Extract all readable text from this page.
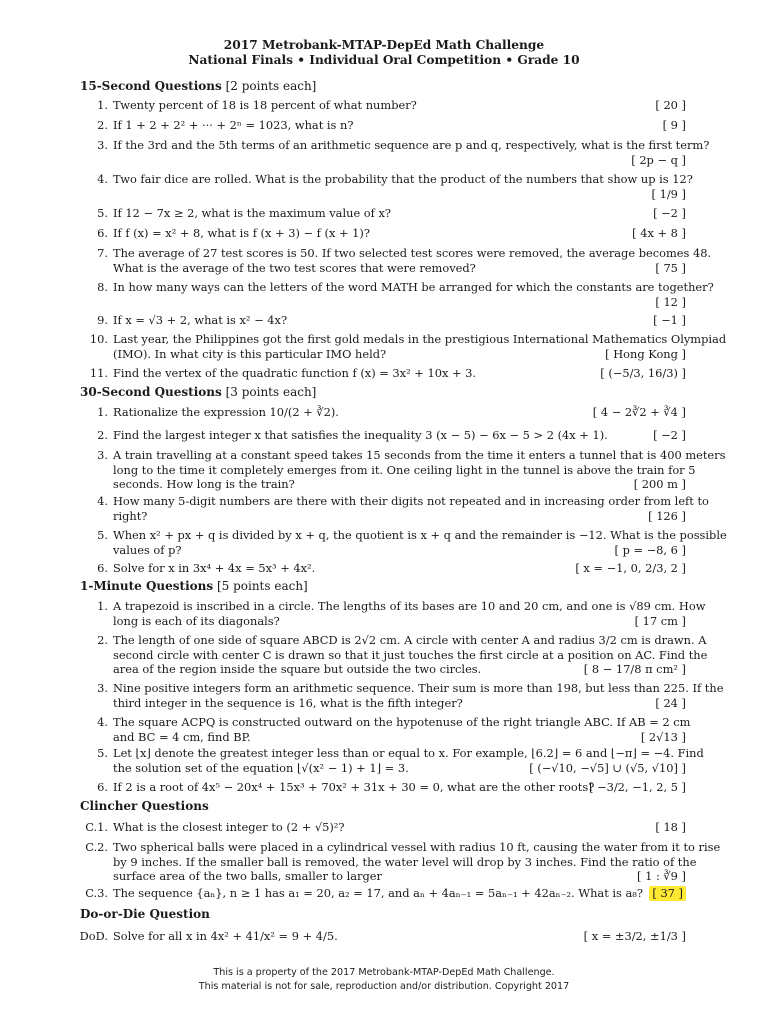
2017 Metrobank-MTAP-DepEd Math Challenge
National Finals • Individual Oral Competition • Grade 10
15-Second Questions [2 points each]
1. Twenty percent of 18 is 18 percent of what number?	[ 20 ]
2. If 1 + 2 + 2² + ··· + 2ⁿ = 1023, what is n?	[ 9 ]
3. If the 3rd and the 5th terms of an arithmetic sequence are p and q, respectively, what is the first term?
[ 2p − q ]
4. Two fair dice are rolled. What is the probability that the product of the numbers that show up is 12?
[ 1/9 ]
5. If 12 − 7x ≥ 2, what is the maximum value of x?	[ −2 ]
6. If f (x) = x² + 8, what is f (x + 3) − f (x + 1)?	[ 4x + 8 ]
7. The average of 27 test scores is 50. If two selected test scores were removed, the average becomes 48.
What is the average of the two test scores that were removed?	[ 75 ]
8. In how many ways can the letters of the word MATH be arranged for which the constants are together?
[ 12 ]
9. If x = √3 + 2, what is x² − 4x?	[ −1 ]
10. Last year, the Philippines got the first gold medals in the prestigious International Mathematics Olympiad
(IMO). In what city is this particular IMO held?	[ Hong Kong ]
11. Find the vertex of the quadratic function f (x) = 3x² + 10x + 3.	[ (−5/3, 16/3) ]
30-Second Questions [3 points each]
1. Rationalize the expression 10/(2 + ∛2).	[ 4 − 2∛2 + ∛4 ]
2. Find the largest integer x that satisfies the inequality 3 (x − 5) − 6x − 5 > 2 (4x + 1).	[ −2 ]
3. A train travelling at a constant speed takes 15 seconds from the time it enters a tunnel that is 400 meters
long to the time it completely emerges from it. One ceiling light in the tunnel is above the train for 5
seconds. How long is the train?	[ 200 m ]
4. How many 5-digit numbers are there with their digits not repeated and in increasing order from left to
right?	[ 126 ]
5. When x² + px + q is divided by x + q, the quotient is x + q and the remainder is −12. What is the possible
values of p?	[ p = −8, 6 ]
6. Solve for x in 3x⁴ + 4x = 5x³ + 4x².	[ x = −1, 0, 2/3, 2 ]
1-Minute Questions [5 points each]
1. A trapezoid is inscribed in a circle. The lengths of its bases are 10 and 20 cm, and one is √89 cm. How
long is each of its diagonals?	[ 17 cm ]
2. The length of one side of square ABCD is 2√2 cm. A circle with center A and radius 3/2 cm is drawn. A
second circle with center C is drawn so that it just touches the first circle at a position on AC. Find the
area of the region inside the square but outside the two circles.	[ 8 − 17/8 π cm² ]
3. Nine positive integers form an arithmetic sequence. Their sum is more than 198, but less than 225. If the
third integer in the sequence is 16, what is the fifth integer?	[ 24 ]
4. The square ACPQ is constructed outward on the hypotenuse of the right triangle ABC. If AB = 2 cm
and BC = 4 cm, find BP.	[ 2√13 ]
5. Let ⌊x⌋ denote the greatest integer less than or equal to x. For example, ⌊6.2⌋ = 6 and ⌊−π⌋ = −4. Find
the solution set of the equation ⌊√(x² − 1) + 1⌋ = 3.	[ (−√10, −√5] ∪ (√5, √10] ]
6. If 2 is a root of 4x⁵ − 20x⁴ + 15x³ + 70x² + 31x + 30 = 0, what are the other roots?
[ −3/2, −1, 2, 5 ]
Clincher Questions
C.1. What is the closest integer to (2 + √5)²?	[ 18 ]
C.2. Two spherical balls were placed in a cylindrical vessel with radius 10 ft, causing the water from it to rise
by 9 inches. If the smaller ball is removed, the water level will drop by 3 inches. Find the ratio of the
surface area of the two balls, smaller to larger	[ 1 : ∛9 ]
C.3. The sequence {aₙ}, n ≥ 1 has a₁ = 20, a₂ = 17, and aₙ + 4aₙ₋₁ = 5aₙ₋₁ + 42aₙ₋₂. What is a₈? [ 37 ]
Do-or-Die Question
DoD. Solve for all x in 4x² + 41/x² = 9 + 4/5.	[ x = ±3/2, ±1/3 ]
This is a property of the 2017 Metrobank-MTAP-DepEd Math Challenge.
This material is not for sale, reproduction and/or distribution. Copyright 2017
